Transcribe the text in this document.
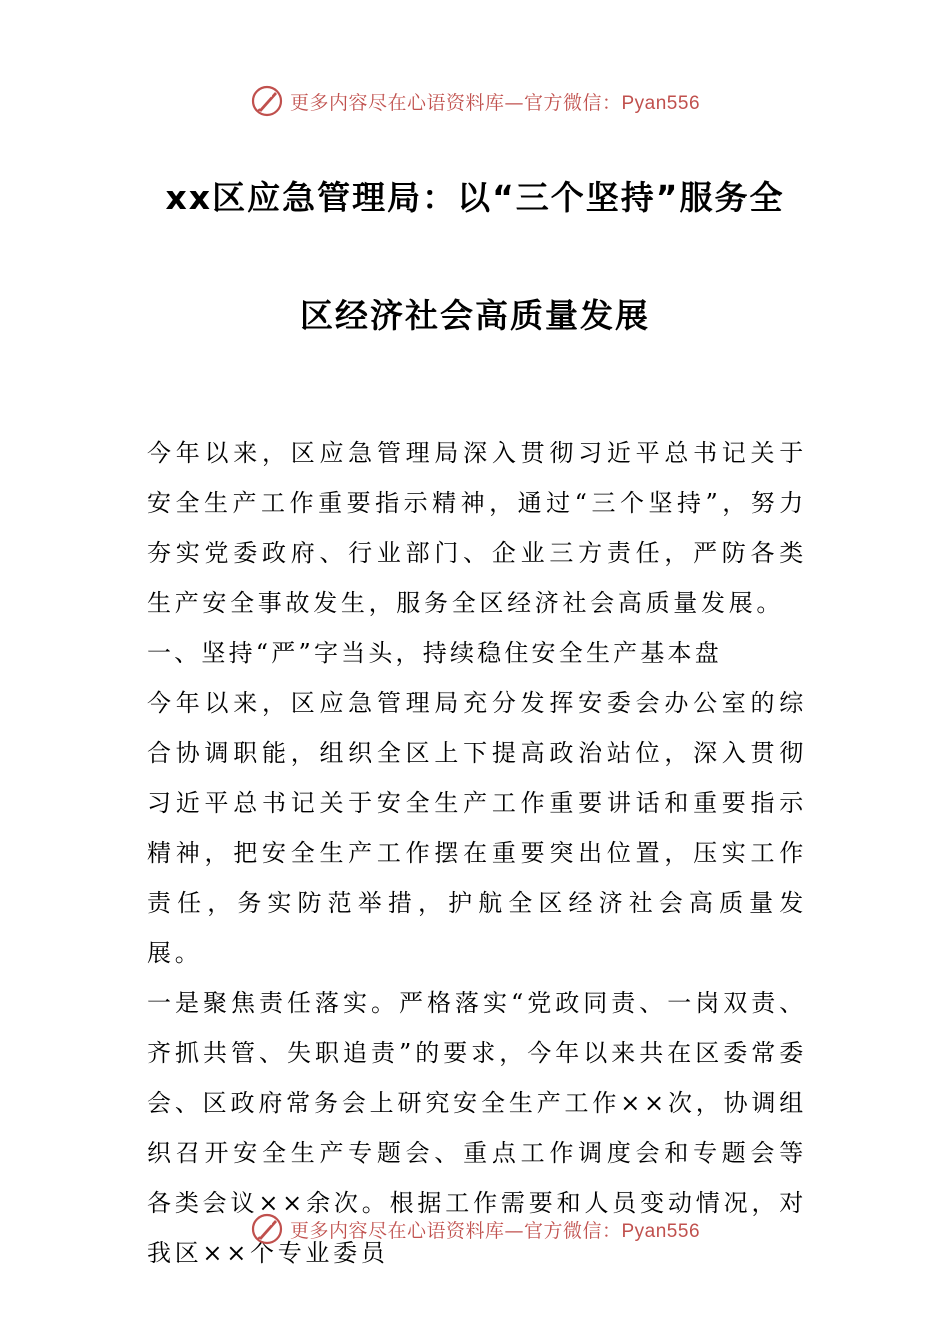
更多内容尽在心语资料库—官方微信：Pyan556
xx区应急管理局：以“三个坚持”服务全
区经济社会高质量发展

今年以来，区应急管理局深入贯彻习近平总书记关于安全生产工作重要指示精神，通过“三个坚持”，努力夯实党委政府、行业部门、企业三方责任，严防各类生产安全事故发生，服务全区经济社会高质量发展。

一、坚持“严”字当头，持续稳住安全生产基本盘

今年以来，区应急管理局充分发挥安委会办公室的综合协调职能，组织全区上下提高政治站位，深入贯彻习近平总书记关于安全生产工作重要讲话和重要指示精神，把安全生产工作摆在重要突出位置，压实工作责任，务实防范举措，护航全区经济社会高质量发展。

一是聚焦责任落实。严格落实“党政同责、一岗双责、齐抓共管、失职追责”的要求，今年以来共在区委常委会、区政府常务会上研究安全生产工作××次，协调组织召开安全生产专题会、重点工作调度会和专题会等各类会议××余次。根据工作需要和人员变动情况，对我区××个专业委员

更多内容尽在心语资料库—官方微信：Pyan556
